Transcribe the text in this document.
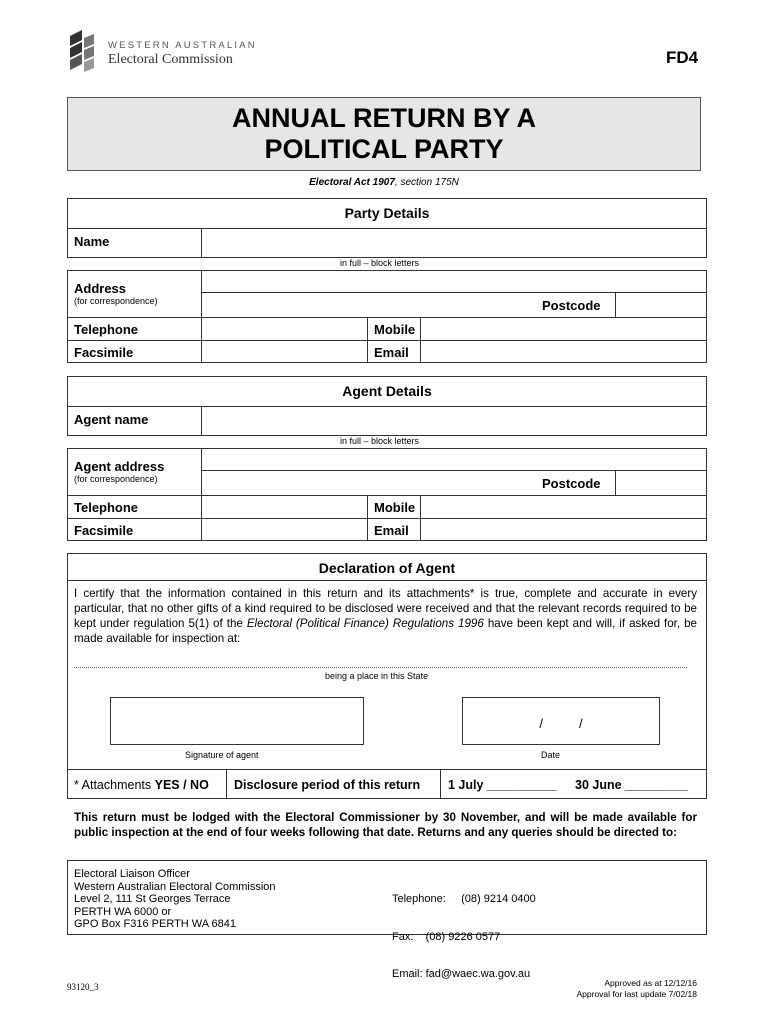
WESTERN AUSTRALIAN
Electoral Commission	FD4
ANNUAL RETURN BY A
POLITICAL PARTY
Electoral Act 1907, section 175N
Party Details
Name
in full – block letters
Address
(for correspondence)	Postcode
Telephone	Mobile
Facsimile	Email
Agent Details
Agent name
in full – block letters
Agent address
(for correspondence)	Postcode
Telephone	Mobile
Facsimile	Email
Declaration of Agent
I certify that the information contained in this return and its attachments* is true, complete and accurate in every particular, that no other gifts of a kind required to be disclosed were received and that the relevant records required to be kept under regulation 5(1) of the Electoral (Political Finance) Regulations 1996 have been kept and will, if asked for, be made available for inspection at:
being a place in this State
/          /
Signature of agent	Date
* Attachments YES / NO Disclosure period of this return 1 July __________ 30 June _________
This return must be lodged with the Electoral Commissioner by 30 November, and will be made available for public inspection at the end of four weeks following that date. Returns and any queries should be directed to:
Electoral Liaison Officer
Western Australian Electoral Commission
Level 2, 111 St Georges Terrace
PERTH WA 6000 or
GPO Box F316 PERTH WA 6841

Telephone:     (08) 9214 0400

Fax:    (08) 9226 0577

Email: fad@waec.wa.gov.au

93120_3	Approved as at 12/12/16
Approval for last update 7/02/18
